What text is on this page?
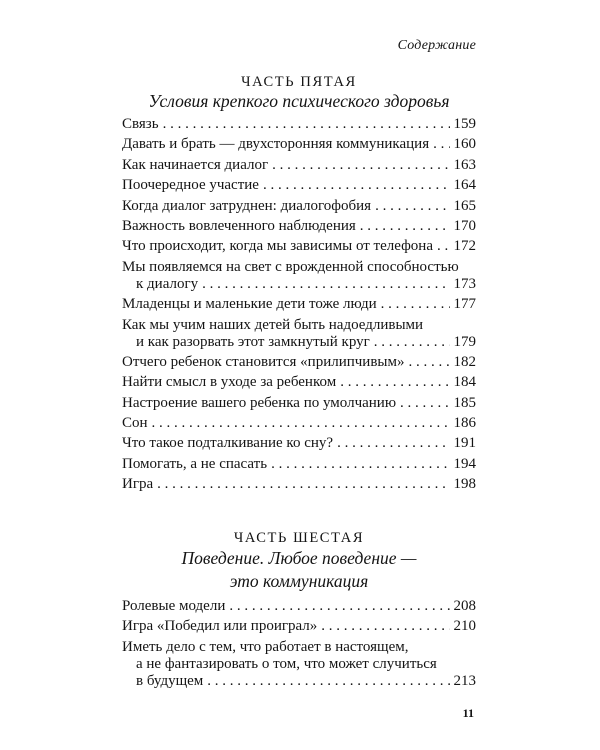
Содержание
ЧАСТЬ ПЯТАЯ
Условия крепкого психического здоровья
Связь . . .	159
Давать и брать — двухсторонняя коммуникация . . . 160
Как начинается диалог . . .	163
Поочередное участие . . .	164
Когда диалог затруднен: диалогофобия . . .	165
Важность вовлеченного наблюдения . . .	170
Что происходит, когда мы зависимы от телефона . . . 172
Мы появляемся на свет с врожденной способностью
к диалогу . . .	173
Младенцы и маленькие дети тоже люди . . .	177
Как мы учим наших детей быть надоедливыми
и как разорвать этот замкнутый круг . . .	179
Отчего ребенок становится «прилипчивым» . . .	182
Найти смысл в уходе за ребенком . . .	184
Настроение вашего ребенка по умолчанию . . .	185
Сон . . .	186
Что такое подталкивание ко сну? . . .	191
Помогать, а не спасать . . .	194
Игра . . .	198
ЧАСТЬ ШЕСТАЯ
Поведение. Любое поведение —
это коммуникация
Ролевые модели . . .	208
Игра «Победил или проиграл» . . .	210
Иметь дело с тем, что работает в настоящем,
а не фантазировать о том, что может случиться
в будущем . . .	213
11
